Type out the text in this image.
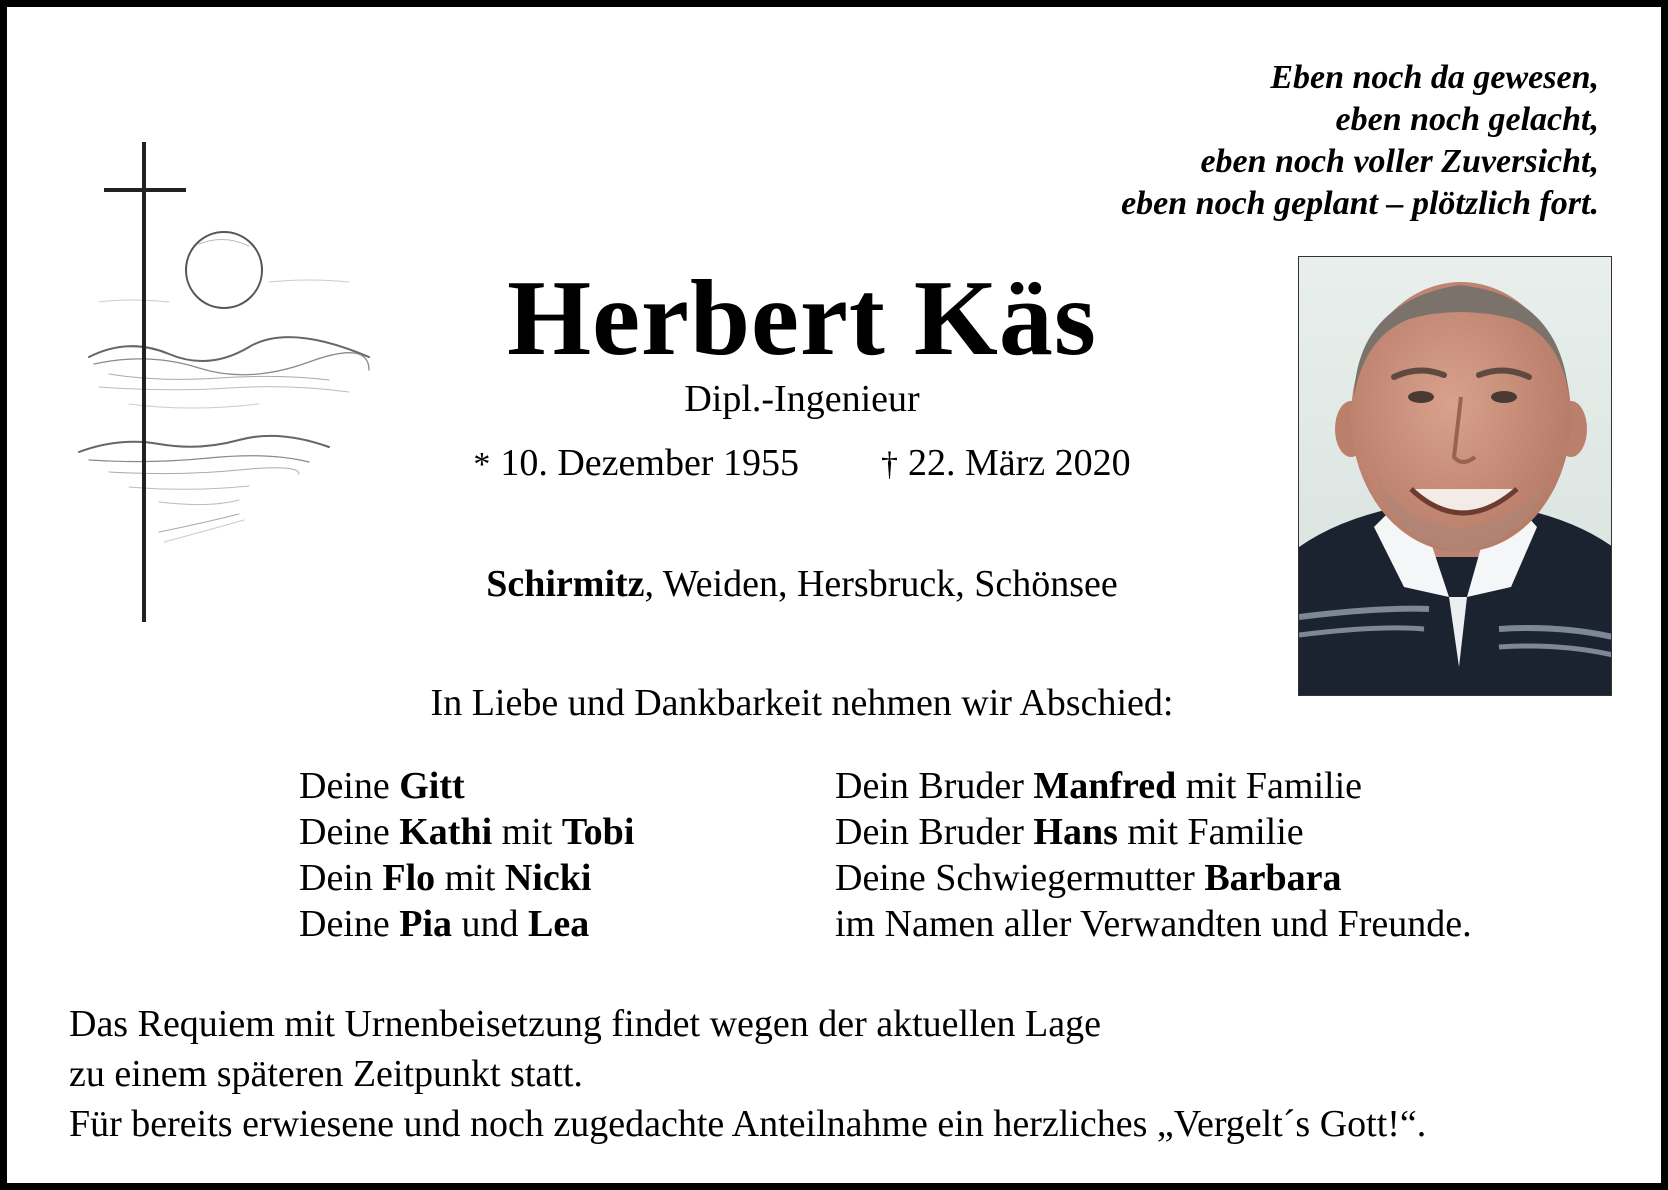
Eben noch da gewesen,
eben noch gelacht,
eben noch voller Zuversicht,
eben noch geplant – plötzlich fort.
Herbert Käs
Dipl.-Ingenieur
* 10. Dezember 1955 † 22. März 2020
Schirmitz, Weiden, Hersbruck, Schönsee
In Liebe und Dankbarkeit nehmen wir Abschied:
Deine Gitt
Deine Kathi mit Tobi
Dein Flo mit Nicki
Deine Pia und Lea
Dein Bruder Manfred mit Familie
Dein Bruder Hans mit Familie
Deine Schwiegermutter Barbara
im Namen aller Verwandten und Freunde.
Das Requiem mit Urnenbeisetzung findet wegen der aktuellen Lage
zu einem späteren Zeitpunkt statt.
Für bereits erwiesene und noch zugedachte Anteilnahme ein herzliches „Vergelt´s Gott!“.
